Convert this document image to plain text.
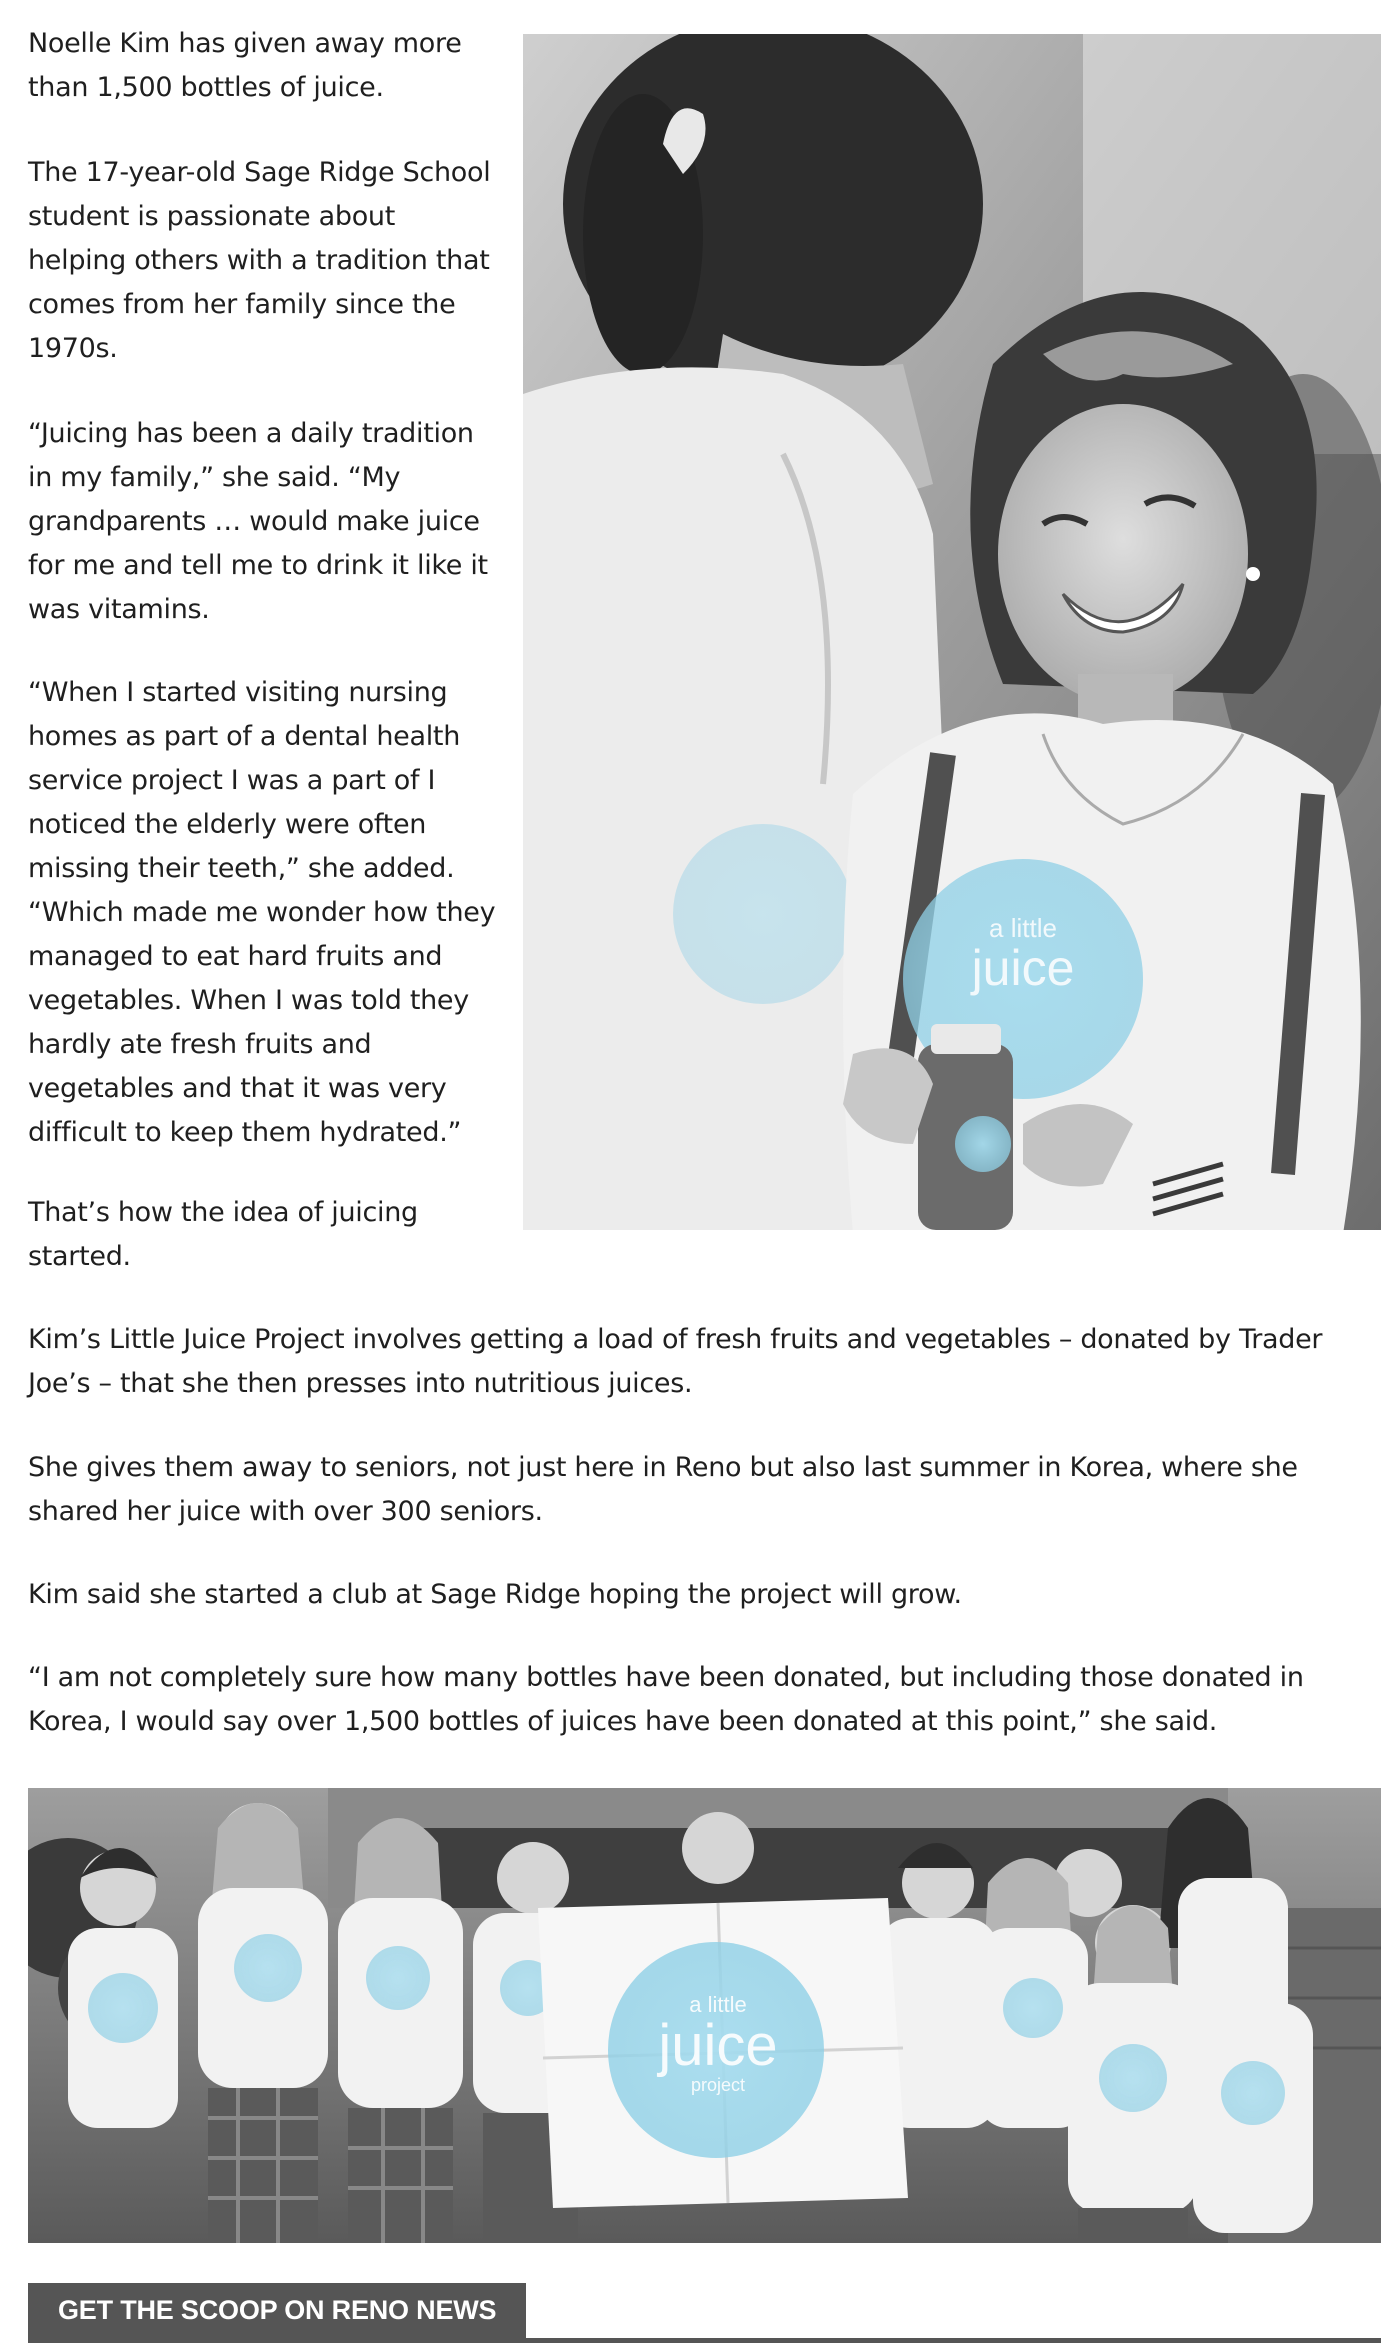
Noelle Kim has given away more than 1,500 bottles of juice.

The 17-year-old Sage Ridge School student is passionate about helping others with a tradition that comes from her family since the 1970s.

“Juicing has been a daily tradition in my family,” she said. “My grandparents … would make juice for me and tell me to drink it like it was vitamins.

“When I started visiting nursing homes as part of a dental health service project I was a part of I noticed the elderly were often missing their teeth,” she added. “Which made me wonder how they managed to eat hard fruits and vegetables. When I was told they hardly ate fresh fruits and vegetables and that it was very difficult to keep them hydrated.”

That’s how the idea of juicing started.

Kim’s Little Juice Project involves getting a load of fresh fruits and vegetables – donated by Trader Joe’s – that she then presses into nutritious juices.

She gives them away to seniors, not just here in Reno but also last summer in Korea, where she shared her juice with over 300 seniors.

Kim said she started a club at Sage Ridge hoping the project will grow.

“I am not completely sure how many bottles have been donated, but including those donated in Korea, I would say over 1,500 bottles of juices have been donated at this point,” she said.

a little
juice
a little
juice
project
GET THE SCOOP ON RENO NEWS
